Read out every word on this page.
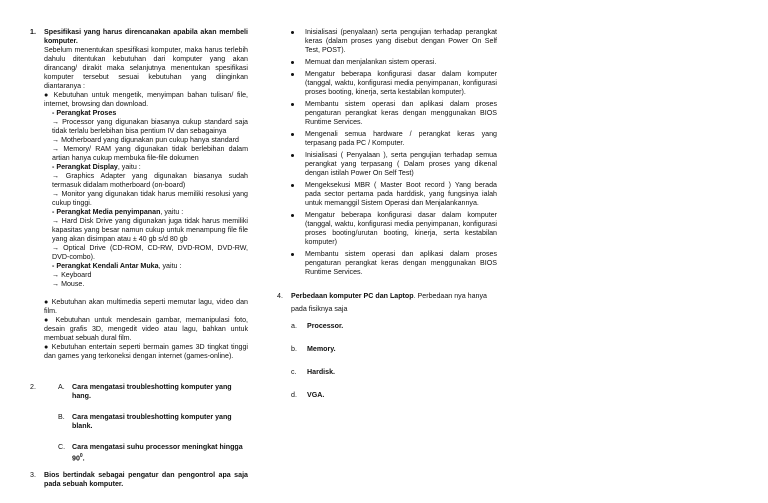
1. Spesifikasi yang harus direncanakan apabila akan membeli komputer.
Sebelum menentukan spesifikasi komputer, maka harus terlebih dahulu ditentukan kebutuhan dari komputer yang akan dirancang/ dirakit maka selanjutnya menentukan spesifikasi komputer tersebut sesuai kebutuhan yang diinginkan diantaranya :
● Kebutuhan untuk mengetik, menyimpan bahan tulisan/ file, internet, browsing dan download.
- Perangkat Proses
→ Processor yang digunakan biasanya cukup standard saja tidak terlalu berlebihan bisa pentium IV dan sebagainya
→ Motherboard yang digunakan pun cukup hanya standard
→ Memory/ RAM yang digunakan tidak berlebihan dalam artian hanya cukup membuka file-file dokumen
- Perangkat Display, yaitu :
→ Graphics Adapter yang digunakan biasanya sudah termasuk didalam motherboard (on-board)
→ Monitor yang digunakan tidak harus memiliki resolusi yang cukup tinggi.
- Perangkat Media penyimpanan, yaitu :
→ Hard Disk Drive yang digunakan juga tidak harus memiliki kapasitas yang besar namun cukup untuk menampung file file yang akan disimpan atau ± 40 gb s/d 80 gb
→ Optical Drive (CD-ROM, CD-RW, DVD-ROM, DVD-RW, DVD-combo).
- Perangkat Kendali Antar Muka, yaitu :
→ Keyboard
→ Mouse.
● Kebutuhan akan multimedia seperti memutar lagu, video dan film.
● Kebutuhan untuk mendesain gambar, memanipulasi foto, desain grafis 3D, mengedit video atau lagu, bahkan untuk membuat sebuah dural film.
● Kebutuhan entertain seperti bermain games 3D tingkat tinggi dan games yang terkoneksi dengan internet (games-online).
2.	A. Cara mengatasi troubleshotting komputer yang hang.
B. Cara mengatasi troubleshotting komputer yang blank.
C. Cara mengatasi suhu processor meningkat hingga $90^0$.
3. Bios bertindak sebagai pengatur dan pengontrol apa saja pada sebuah komputer.
Inisialisasi (penyalaan) serta pengujian terhadap perangkat keras (dalam proses yang disebut dengan Power On Self Test, POST).
Memuat dan menjalankan sistem operasi.
Mengatur beberapa konfigurasi dasar dalam komputer (tanggal, waktu, konfigurasi media penyimpanan, konfigurasi proses booting, kinerja, serta kestabilan komputer).
Membantu sistem operasi dan aplikasi dalam proses pengaturan perangkat keras dengan menggunakan BIOS Runtime Services.
Mengenali semua hardware / perangkat keras yang terpasang pada PC / Komputer.
Inisialisasi ( Penyalaan ), serta pengujian terhadap semua perangkat yang terpasang ( Dalam proses yang dikenal dengan istilah Power On Self Test)
Mengeksekusi MBR ( Master Boot record ) Yang berada pada sector pertama pada harddisk, yang fungsinya ialah untuk memanggil Sistem Operasi dan Menjalankannya.
Mengatur beberapa konfigurasi dasar dalam komputer (tanggal, waktu, konfigurasi media penyimpanan, konfigurasi proses booting/urutan booting, kinerja, serta kestabilan komputer)
Membantu sistem operasi dan aplikasi dalam proses pengaturan perangkat keras dengan menggunakan BIOS Runtime Services.
4. Perbedaan komputer PC dan Laptop. Perbedaan nya hanya pada fisiknya saja
a. Processor.
b. Memory.
c. Hardisk.
d. VGA.
